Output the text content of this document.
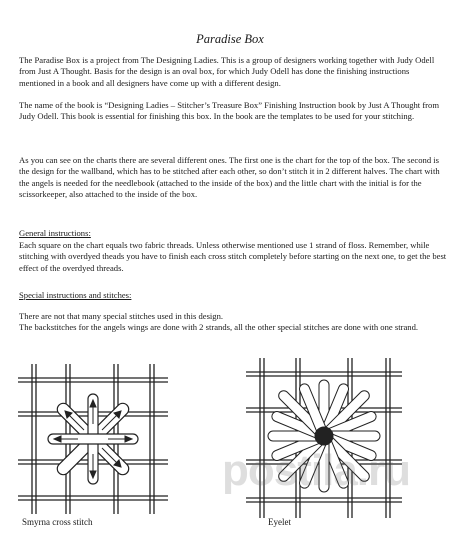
Paradise Box

The Paradise Box is a project from The Designing Ladies. This is a group of designers working together with Judy Odell from Just A Thought. Basis for the design is an oval box, for which Judy Odell has done the finishing instructions mentioned in a book and all designers have come up with a different design.

The name of the book is “Designing Ladies – Stitcher’s Treasure Box” Finishing Instruction book by Just A Thought from Judy Odell. This book is essential for finishing this box. In the book are the templates to be used for your stitching.

As you can see on the charts there are several different ones. The first one is the chart for the top of the box. The second is the design for the wallband, which has to be stitched after each other, so don’t stitch it in 2 different halves. The chart with the angels is needed for the needlebook (attached to the inside of the box) and the little chart with the initial is for the scissorkeeper, also attached to the inside of the box.

General instructions:

Each square on the chart equals two fabric threads. Unless otherwise mentioned use 1 strand of floss. Remember, while stitching with overdyed theads you have to finish each cross stitch completely before starting on the next one, to get the best effect of the overdyed threads.

Special instructions and stitches:

There are not that many special stitches used in this design.

The backstitches for the angels wings are done with 2 strands, all the other special stitches are done with one strand.

Smyrna cross stitch	Eyelet
postila.ru
